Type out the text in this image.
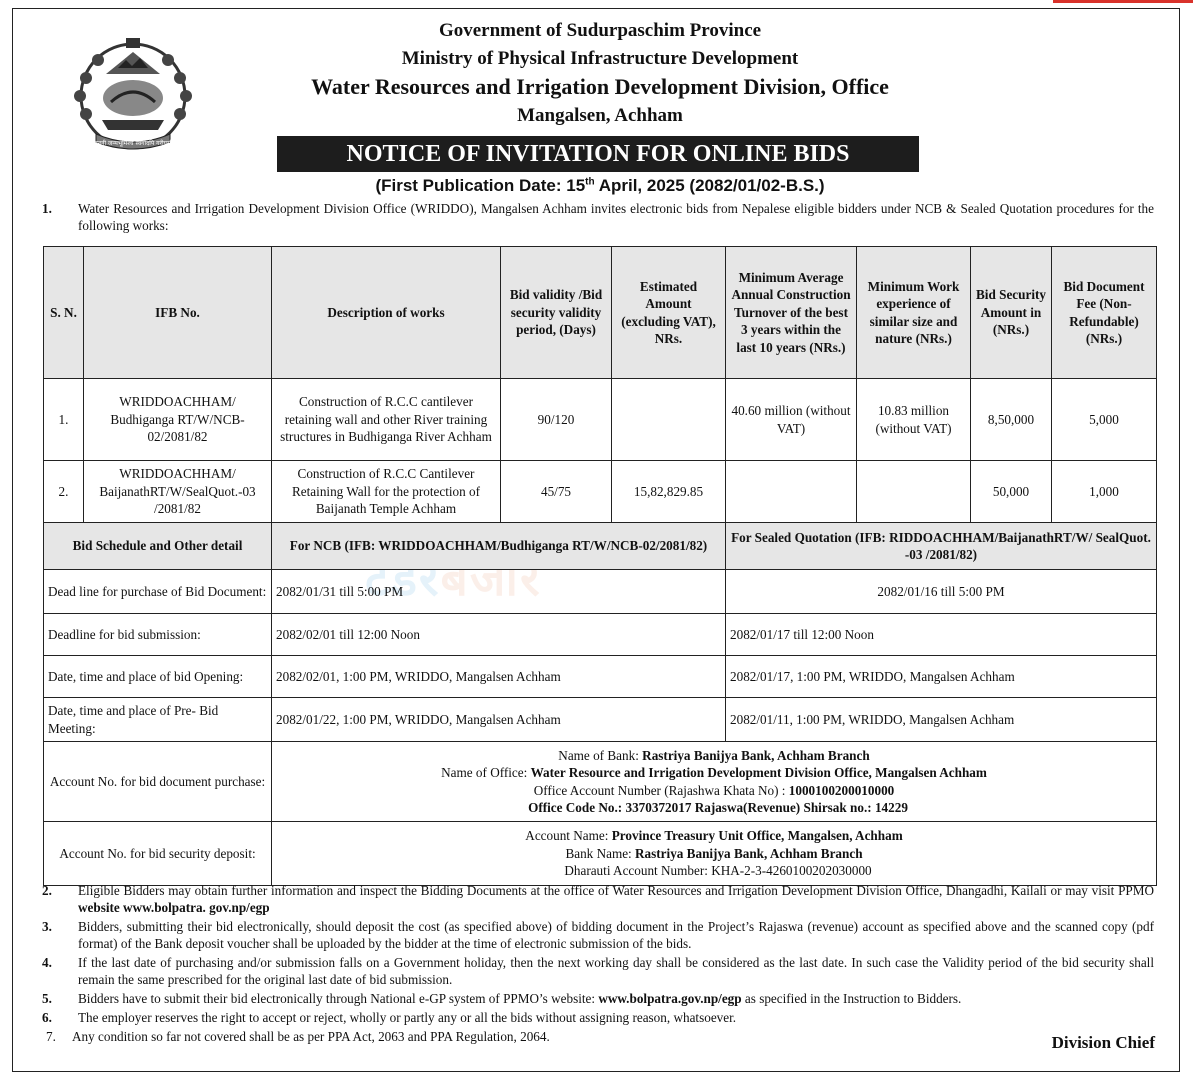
जननी जन्मभूमिश्च स्वर्गादपि गरीयसी
Government of Sudurpaschim Province
Ministry of Physical Infrastructure Development
Water Resources and Irrigation Development Division, Office
Mangalsen, Achham
NOTICE OF INVITATION FOR ONLINE BIDS
(First Publication Date: 15th April, 2025 (2082/01/02-B.S.)
1. Water Resources and Irrigation Development Division Office (WRIDDO), Mangalsen Achham invites electronic bids from Nepalese eligible bidders under NCB & Sealed Quotation procedures for the following works:
टेंडरबजार
S. N.	IFB No.	Description of works	Bid validity /Bid security validity period, (Days)	Estimated Amount (excluding VAT), NRs.	Minimum Average Annual Construction Turnover of the best 3 years within the last 10 years (NRs.)	Minimum Work experience of similar size and nature (NRs.)	Bid Security Amount in (NRs.)	Bid Document Fee (Non-Refundable) (NRs.)
1.	WRIDDOACHHAM/ Budhiganga RT/W/NCB-02/2081/82	Construction of R.C.C cantilever retaining wall and other River training structures in Budhiganga River Achham	90/120		40.60 million (without VAT)	10.83 million (without VAT)	8,50,000	5,000
2.	WRIDDOACHHAM/ BaijanathRT/W/SealQuot.-03 /2081/82	Construction of R.C.C Cantilever Retaining Wall for the protection of Baijanath Temple Achham	45/75	15,82,829.85			50,000	1,000
Bid Schedule and Other detail		For NCB (IFB: WRIDDOACHHAM/Budhiganga RT/W/NCB-02/2081/82)			For Sealed Quotation (IFB: RIDDOACHHAM/BaijanathRT/W/ SealQuot. -03 /2081/82)			
Dead line for purchase of Bid Document:		2082/01/31 till 5:00 PM			2082/01/16 till 5:00 PM			
Deadline for bid submission:		2082/02/01 till 12:00 Noon			2082/01/17 till 12:00 Noon			
Date, time and place of bid Opening:		2082/02/01, 1:00 PM, WRIDDO, Mangalsen Achham			2082/01/17, 1:00 PM, WRIDDO, Mangalsen Achham			
Date, time and place of Pre- Bid Meeting:		2082/01/22, 1:00 PM, WRIDDO, Mangalsen Achham			2082/01/11, 1:00 PM, WRIDDO, Mangalsen Achham			
Account No. for bid document purchase:		Name of Bank: Rastriya Banijya Bank, Achham Branch
Name of Office: Water Resource and Irrigation Development Division Office, Mangalsen Achham
Office Account Number (Rajashwa Khata No) : 1000100200010000
Office Code No.: 3370372017 Rajaswa(Revenue) Shirsak no.: 14229						

Account No. for bid security deposit:		Account Name: Province Treasury Unit Office, Mangalsen, Achham
Bank Name: Rastriya Banijya Bank, Achham Branch
Dharauti Account Number: KHA-2-3-4260100202030000						
2. Eligible Bidders may obtain further information and inspect the Bidding Documents at the office of Water Resources and Irrigation Development Division Office, Dhangadhi, Kailali or may visit PPMO website www.bolpatra. gov.np/egp
3. Bidders, submitting their bid electronically, should deposit the cost (as specified above) of bidding document in the Project’s Rajaswa (revenue) account as specified above and the scanned copy (pdf format) of the Bank deposit voucher shall be uploaded by the bidder at the time of electronic submission of the bids.
4. If the last date of purchasing and/or submission falls on a Government holiday, then the next working day shall be considered as the last date. In such case the Validity period of the bid security shall remain the same prescribed for the original last date of bid submission.
5. Bidders have to submit their bid electronically through National e-GP system of PPMO’s website: www.bolpatra.gov.np/egp as specified in the Instruction to Bidders.
6. The employer reserves the right to accept or reject, wholly or partly any or all the bids without assigning reason, whatsoever.
7. Any condition so far not covered shall be as per PPA Act, 2063 and PPA Regulation, 2064.	Division Chief
